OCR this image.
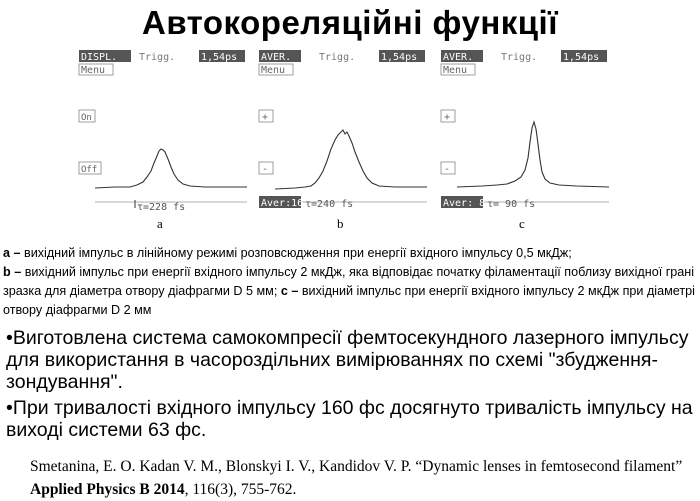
Автокореляційні функції
DISPL. Trigg.	1,54ps
Menu
On
Off
τ=228 fs
a
AVER.	Trigg.	1,54ps
Menu
+
-
Aver:16 τ=240 fs
b
AVER.	Trigg.	1,54ps
Menu
+
-
Aver: 8 τ= 90 fs
c
a – вихідний імпульс в лінійному режимі розповсюдження при енергії вхідного імпульсу 0,5 мкДж;
b – вихідний імпульс при енергії вхідного імпульсу 2 мкДж, яка відповідає початку філаментації поблизу вихідної грані зразка для діаметра отвору діафрагми D 5 мм; c – вихідний імпульс при енергії вхідного імпульсу 2 мкДж при діаметрі отвору діафрагми D 2 мм
•Виготовлена система самокомпресії фемтосекундного лазерного імпульсу для використання в часороздільних вимірюваннях по схемі "збудження-зондування".
•При тривалості вхідного імпульсу 160 фс досягнуто тривалість імпульсу на виході системи 63 фс.
Smetanina, E. O. Kadan V. M., Blonskyi I. V., Kandidov V. P. “Dynamic lenses in femtosecond filament” Applied Physics B 2014, 116(3), 755-762.
